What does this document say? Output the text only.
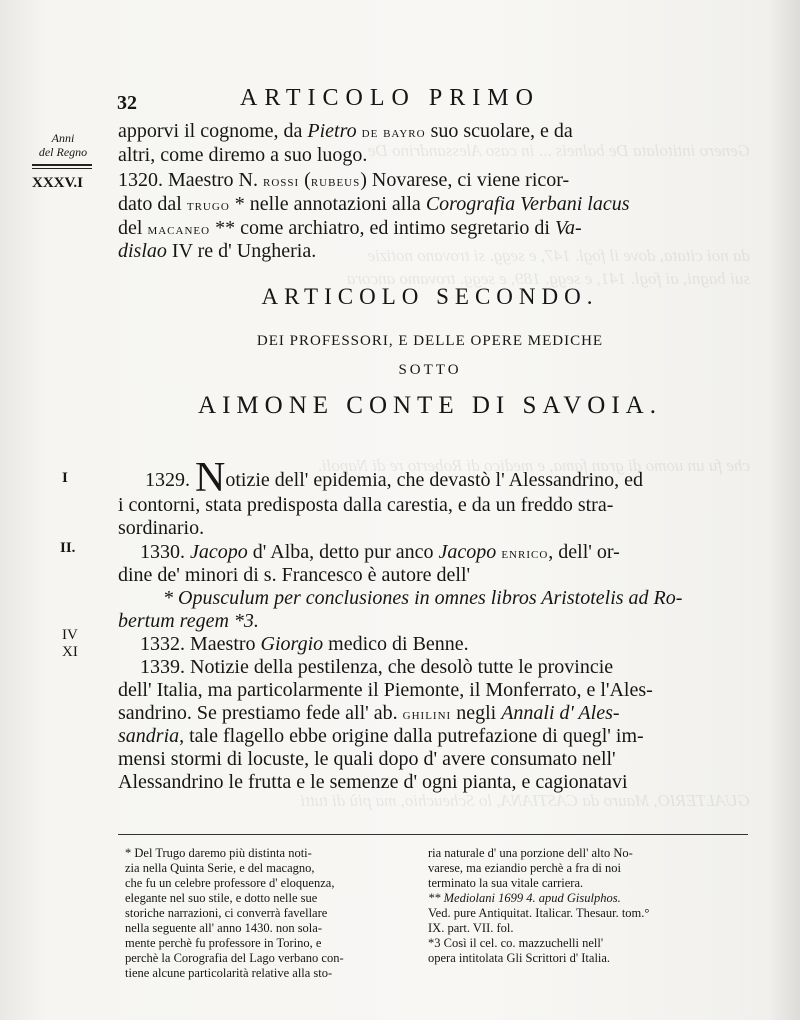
Genero intitolata De balneis ... in caso Alessandrino De
da noi citata, dove il fogl. 147, e segg. si trovano notizie
sui bagni, ai fogl. 141, e segg. 189, e segg. trovamo ancora
che fu un uomo di gran fama, e medico di Roberto re di Napoli.
GUALTERIO, Mauro da CASTIANA, lo Scheuchio, ma più di tutti
32	ARTICOLO PRIMO
Anni
del Regno
XXXV.I
I
II.
IV
XI
apporvi il cognome, da Pietro de bayro suo scuolare, e da
altri, come diremo a suo luogo.
1320. Maestro N. rossi (rubeus) Novarese, ci viene ricor-
dato dal trugo * nelle annotazioni alla Corografia Verbani lacus
del macaneo ** come archiatro, ed intimo segretario di Va-
dislao IV re d' Ungheria.
ARTICOLO SECONDO.
DEI PROFESSORI, E DELLE OPERE MEDICHE
SOTTO
AIMONE CONTE DI SAVOIA.
1329. Notizie dell' epidemia, che devastò l' Alessandrino, ed
i contorni, stata predisposta dalla carestia, e da un freddo stra-
sordinario.
1330. Jacopo d' Alba, detto pur anco Jacopo enrico, dell' or-
dine de' minori di s. Francesco è autore dell'
* Opusculum per conclusiones in omnes libros Aristotelis ad Ro-
bertum regem *3.
1332. Maestro Giorgio medico di Benne.
1339. Notizie della pestilenza, che desolò tutte le provincie
dell' Italia, ma particolarmente il Piemonte, il Monferrato, e l'Ales-
sandrino. Se prestiamo fede all' ab. ghilini negli Annali d' Ales-
sandria, tale flagello ebbe origine dalla putrefazione di quegl' im-
mensi stormi di locuste, le quali dopo d' avere consumato nell'
Alessandrino le frutta e le semenze d' ogni pianta, e cagionatavi
* Del Trugo daremo più distinta noti-
zia nella Quinta Serie, e del macagno,
che fu un celebre professore d' eloquenza,
elegante nel suo stile, e dotto nelle sue
storiche narrazioni, ci converrà favellare
nella seguente all' anno 1430. non sola-
mente perchè fu professore in Torino, e
perchè la Corografia del Lago verbano con-
tiene alcune particolarità relative alla sto-
ria naturale d' una porzione dell' alto No-
varese, ma eziandio perchè a fra di noi
terminato la sua vitale carriera.
** Mediolani 1699 4. apud Gisulphos.
Ved. pure Antiquitat. Italicar. Thesaur. tom.°
IX. part. VII. fol.
*3 Così il cel. co. mazzuchelli nell'
opera intitolata Gli Scrittori d' Italia.
